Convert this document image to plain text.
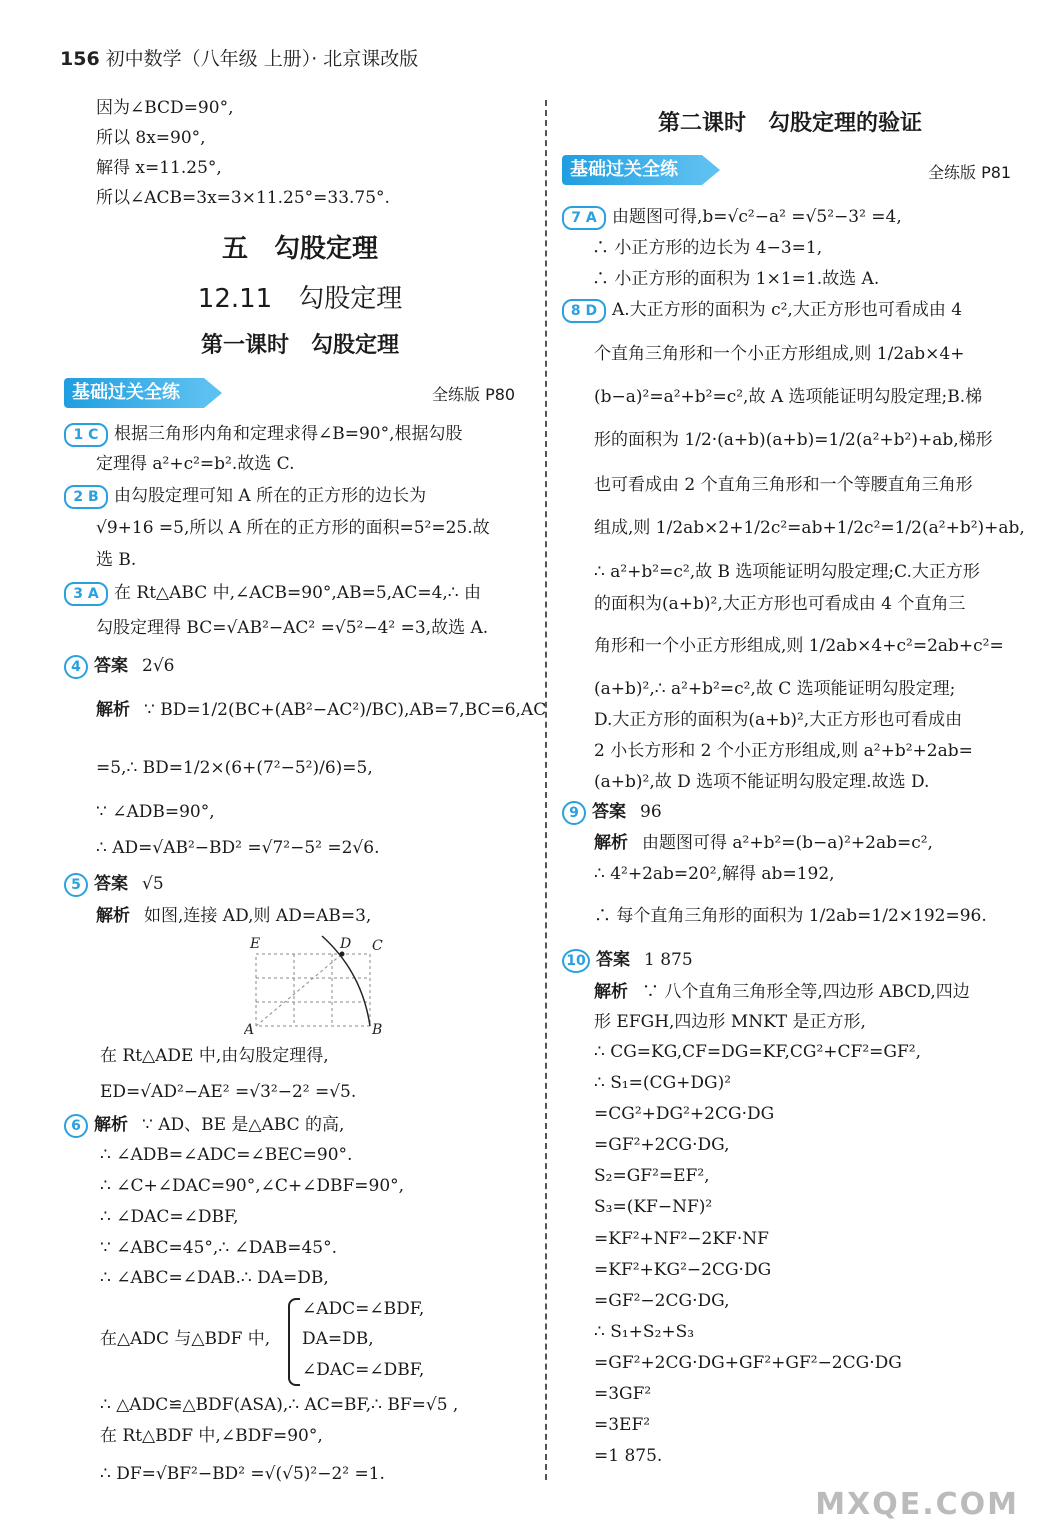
156 初中数学（八年级 上册）· 北京课改版
因为∠BCD=90°,
所以 8x=90°,
解得 x=11.25°,
所以∠ACB=3x=3×11.25°=33.75°.
五　勾股定理
12.11　勾股定理
第一课时　勾股定理
基础过关全练	全练版 P80
1 C 根据三角形内角和定理求得∠B=90°,根据勾股
定理得 a²+c²=b².故选 C.
2 B 由勾股定理可知 A 所在的正方形的边长为
√9+16 =5,所以 A 所在的正方形的面积=5²=25.故
选 B.
3 A 在 Rt△ABC 中,∠ACB=90°,AB=5,AC=4,∴ 由
勾股定理得 BC=√AB²−AC² =√5²−4² =3,故选 A.
4 答案 2√6
解析 ∵ BD=1/2(BC+(AB²−AC²)/BC),AB=7,BC=6,AC
=5,∴ BD=1/2×(6+(7²−5²)/6)=5,
∵ ∠ADB=90°,
∴ AD=√AB²−BD² =√7²−5² =2√6.
5 答案 √5
解析 如图,连接 AD,则 AD=AB=3,
E	D C
A	B
在 Rt△ADE 中,由勾股定理得,
ED=√AD²−AE² =√3²−2² =√5.
6 解析 ∵ AD、BE 是△ABC 的高,
∴ ∠ADB=∠ADC=∠BEC=90°.
∴ ∠C+∠DAC=90°,∠C+∠DBF=90°,
∴ ∠DAC=∠DBF,
∵ ∠ABC=45°,∴ ∠DAB=45°.
∴ ∠ABC=∠DAB.∴ DA=DB,
∠ADC=∠BDF,
在△ADC 与△BDF 中, DA=DB,
∠DAC=∠DBF,
∴ △ADC≌△BDF(ASA),∴ AC=BF,∴ BF=√5 ,
在 Rt△BDF 中,∠BDF=90°,
∴ DF=√BF²−BD² =√(√5)²−2² =1.
第二课时　勾股定理的验证
基础过关全练	全练版 P81
7 A 由题图可得,b=√c²−a² =√5²−3² =4,
∴ 小正方形的边长为 4−3=1,
∴ 小正方形的面积为 1×1=1.故选 A.
8 D A.大正方形的面积为 c²,大正方形也可看成由 4
个直角三角形和一个小正方形组成,则 1/2ab×4+
(b−a)²=a²+b²=c²,故 A 选项能证明勾股定理;B.梯
形的面积为 1/2·(a+b)(a+b)=1/2(a²+b²)+ab,梯形
也可看成由 2 个直角三角形和一个等腰直角三角形
组成,则 1/2ab×2+1/2c²=ab+1/2c²=1/2(a²+b²)+ab,
∴ a²+b²=c²,故 B 选项能证明勾股定理;C.大正方形
的面积为(a+b)²,大正方形也可看成由 4 个直角三
角形和一个小正方形组成,则 1/2ab×4+c²=2ab+c²=
(a+b)²,∴ a²+b²=c²,故 C 选项能证明勾股定理;
D.大正方形的面积为(a+b)²,大正方形也可看成由
2 小长方形和 2 个小正方形组成,则 a²+b²+2ab=
(a+b)²,故 D 选项不能证明勾股定理.故选 D.
9 答案 96
解析 由题图可得 a²+b²=(b−a)²+2ab=c²,
∴ 4²+2ab=20²,解得 ab=192,
∴ 每个直角三角形的面积为 1/2ab=1/2×192=96.
10 答案 1 875
解析 ∵ 八个直角三角形全等,四边形 ABCD,四边
形 EFGH,四边形 MNKT 是正方形,
∴ CG=KG,CF=DG=KF,CG²+CF²=GF²,
∴ S₁=(CG+DG)²
=CG²+DG²+2CG·DG
=GF²+2CG·DG,
S₂=GF²=EF²,
S₃=(KF−NF)²
=KF²+NF²−2KF·NF
=KF²+KG²−2CG·DG
=GF²−2CG·DG,
∴ S₁+S₂+S₃
=GF²+2CG·DG+GF²+GF²−2CG·DG
=3GF²
=3EF²
=1 875.
MXQE.COM
